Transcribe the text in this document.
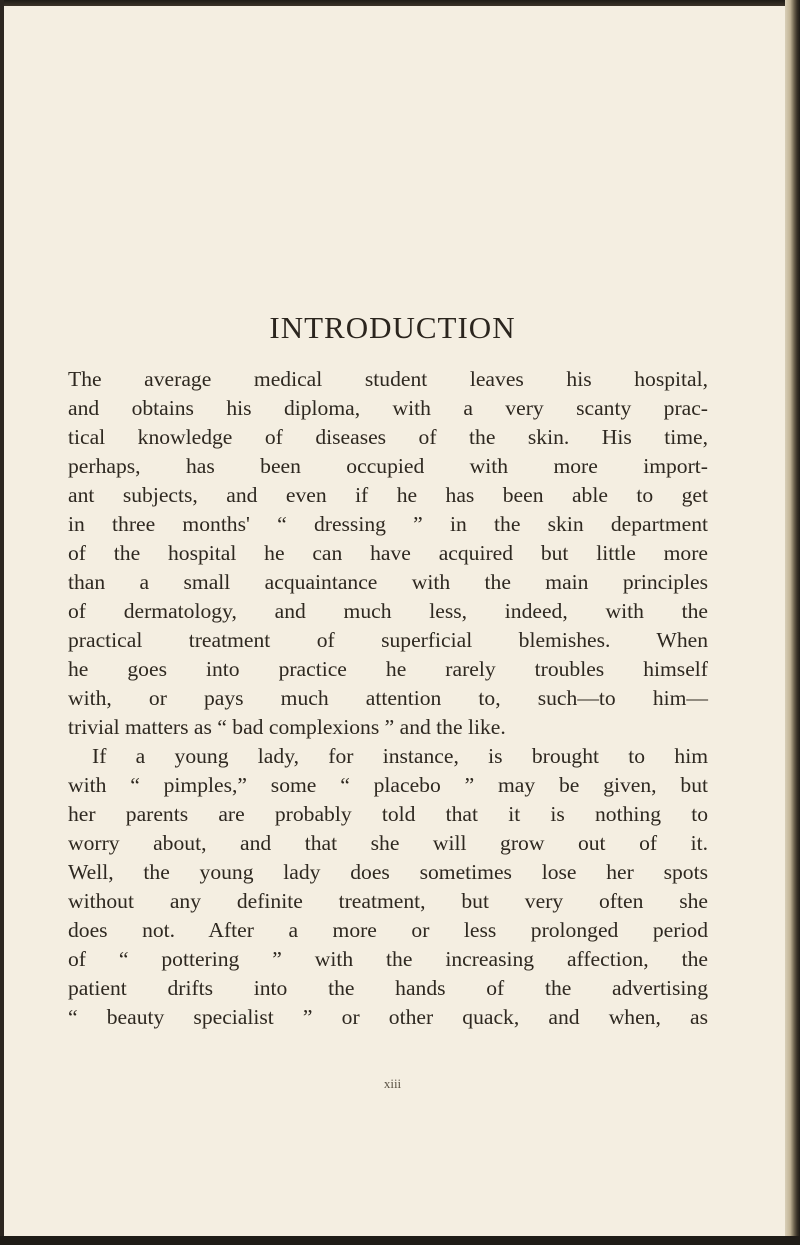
INTRODUCTION
The average medical student leaves his hospital,
and obtains his diploma, with a very scanty prac-
tical knowledge of diseases of the skin. His time,
perhaps, has been occupied with more import-
ant subjects, and even if he has been able to get
in three months' “ dressing ” in the skin department
of the hospital he can have acquired but little more
than a small acquaintance with the main principles
of dermatology, and much less, indeed, with the
practical treatment of superficial blemishes. When
he goes into practice he rarely troubles himself
with, or pays much attention to, such—to him—
trivial matters as “ bad complexions ” and the like.
If a young lady, for instance, is brought to him
with “ pimples,” some “ placebo ” may be given, but
her parents are probably told that it is nothing to
worry about, and that she will grow out of it.
Well, the young lady does sometimes lose her spots
without any definite treatment, but very often she
does not. After a more or less prolonged period
of “ pottering ” with the increasing affection, the
patient drifts into the hands of the advertising
“ beauty specialist ” or other quack, and when, as
xiii
